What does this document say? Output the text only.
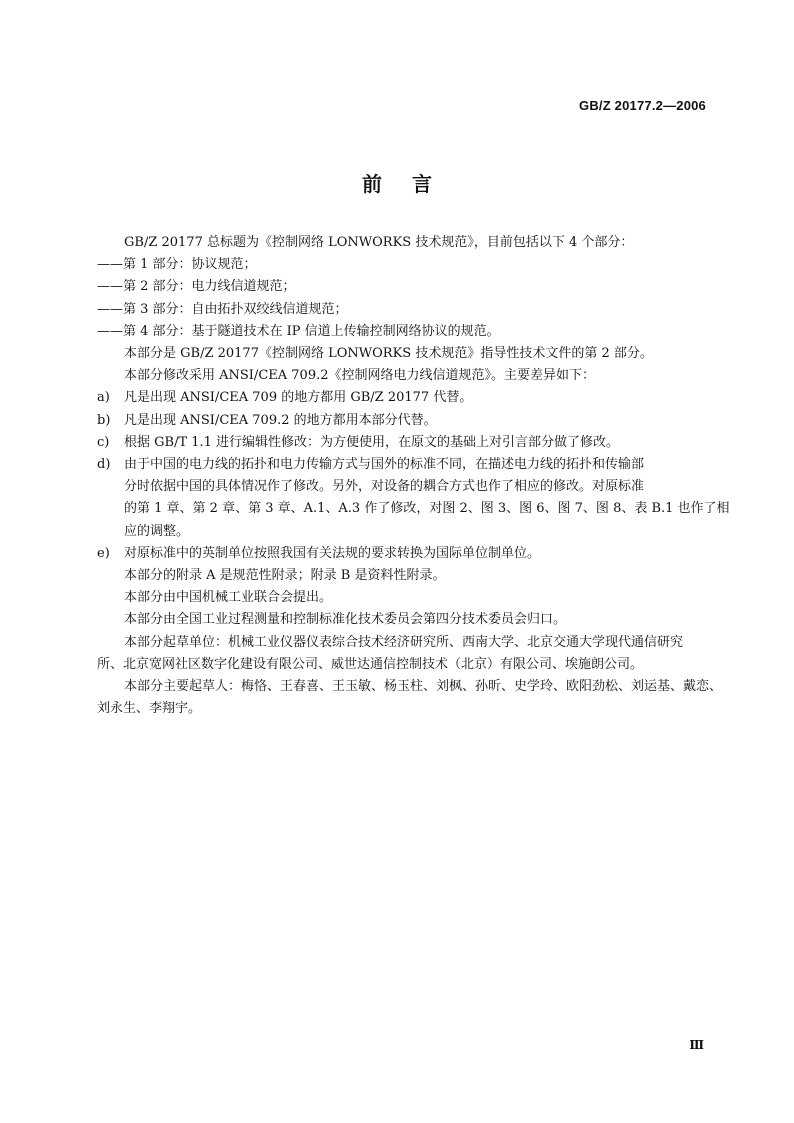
GB/Z 20177.2—2006
前言
GB/Z 20177 总标题为《控制网络 LONWORKS 技术规范》，目前包括以下 4 个部分：
——第 1 部分：协议规范；
——第 2 部分：电力线信道规范；
——第 3 部分：自由拓扑双绞线信道规范；
——第 4 部分：基于隧道技术在 IP 信道上传输控制网络协议的规范。
本部分是 GB/Z 20177《控制网络 LONWORKS 技术规范》指导性技术文件的第 2 部分。
本部分修改采用 ANSI/CEA 709.2《控制网络电力线信道规范》。主要差异如下：
a)	凡是出现 ANSI/CEA 709 的地方都用 GB/Z 20177 代替。
b)	凡是出现 ANSI/CEA 709.2 的地方都用本部分代替。
c)	根据 GB/T 1.1 进行编辑性修改：为方便使用，在原文的基础上对引言部分做了修改。
d)	由于中国的电力线的拓扑和电力传输方式与国外的标准不同，在描述电力线的拓扑和传输部
分时依据中国的具体情况作了修改。另外，对设备的耦合方式也作了相应的修改。对原标准
的第 1 章、第 2 章、第 3 章、A.1、A.3 作了修改，对图 2、图 3、图 6、图 7、图 8、表 B.1 也作了相
应的调整。
e)	对原标准中的英制单位按照我国有关法规的要求转换为国际单位制单位。
本部分的附录 A 是规范性附录；附录 B 是资料性附录。
本部分由中国机械工业联合会提出。
本部分由全国工业过程测量和控制标准化技术委员会第四分技术委员会归口。
本部分起草单位：机械工业仪器仪表综合技术经济研究所、西南大学、北京交通大学现代通信研究
所、北京宽网社区数字化建设有限公司、威世达通信控制技术（北京）有限公司、埃施朗公司。
本部分主要起草人：梅恪、王春喜、王玉敏、杨玉柱、刘枫、孙昕、史学玲、欧阳劲松、刘运基、戴恋、
刘永生、李翔宇。
Ⅲ
